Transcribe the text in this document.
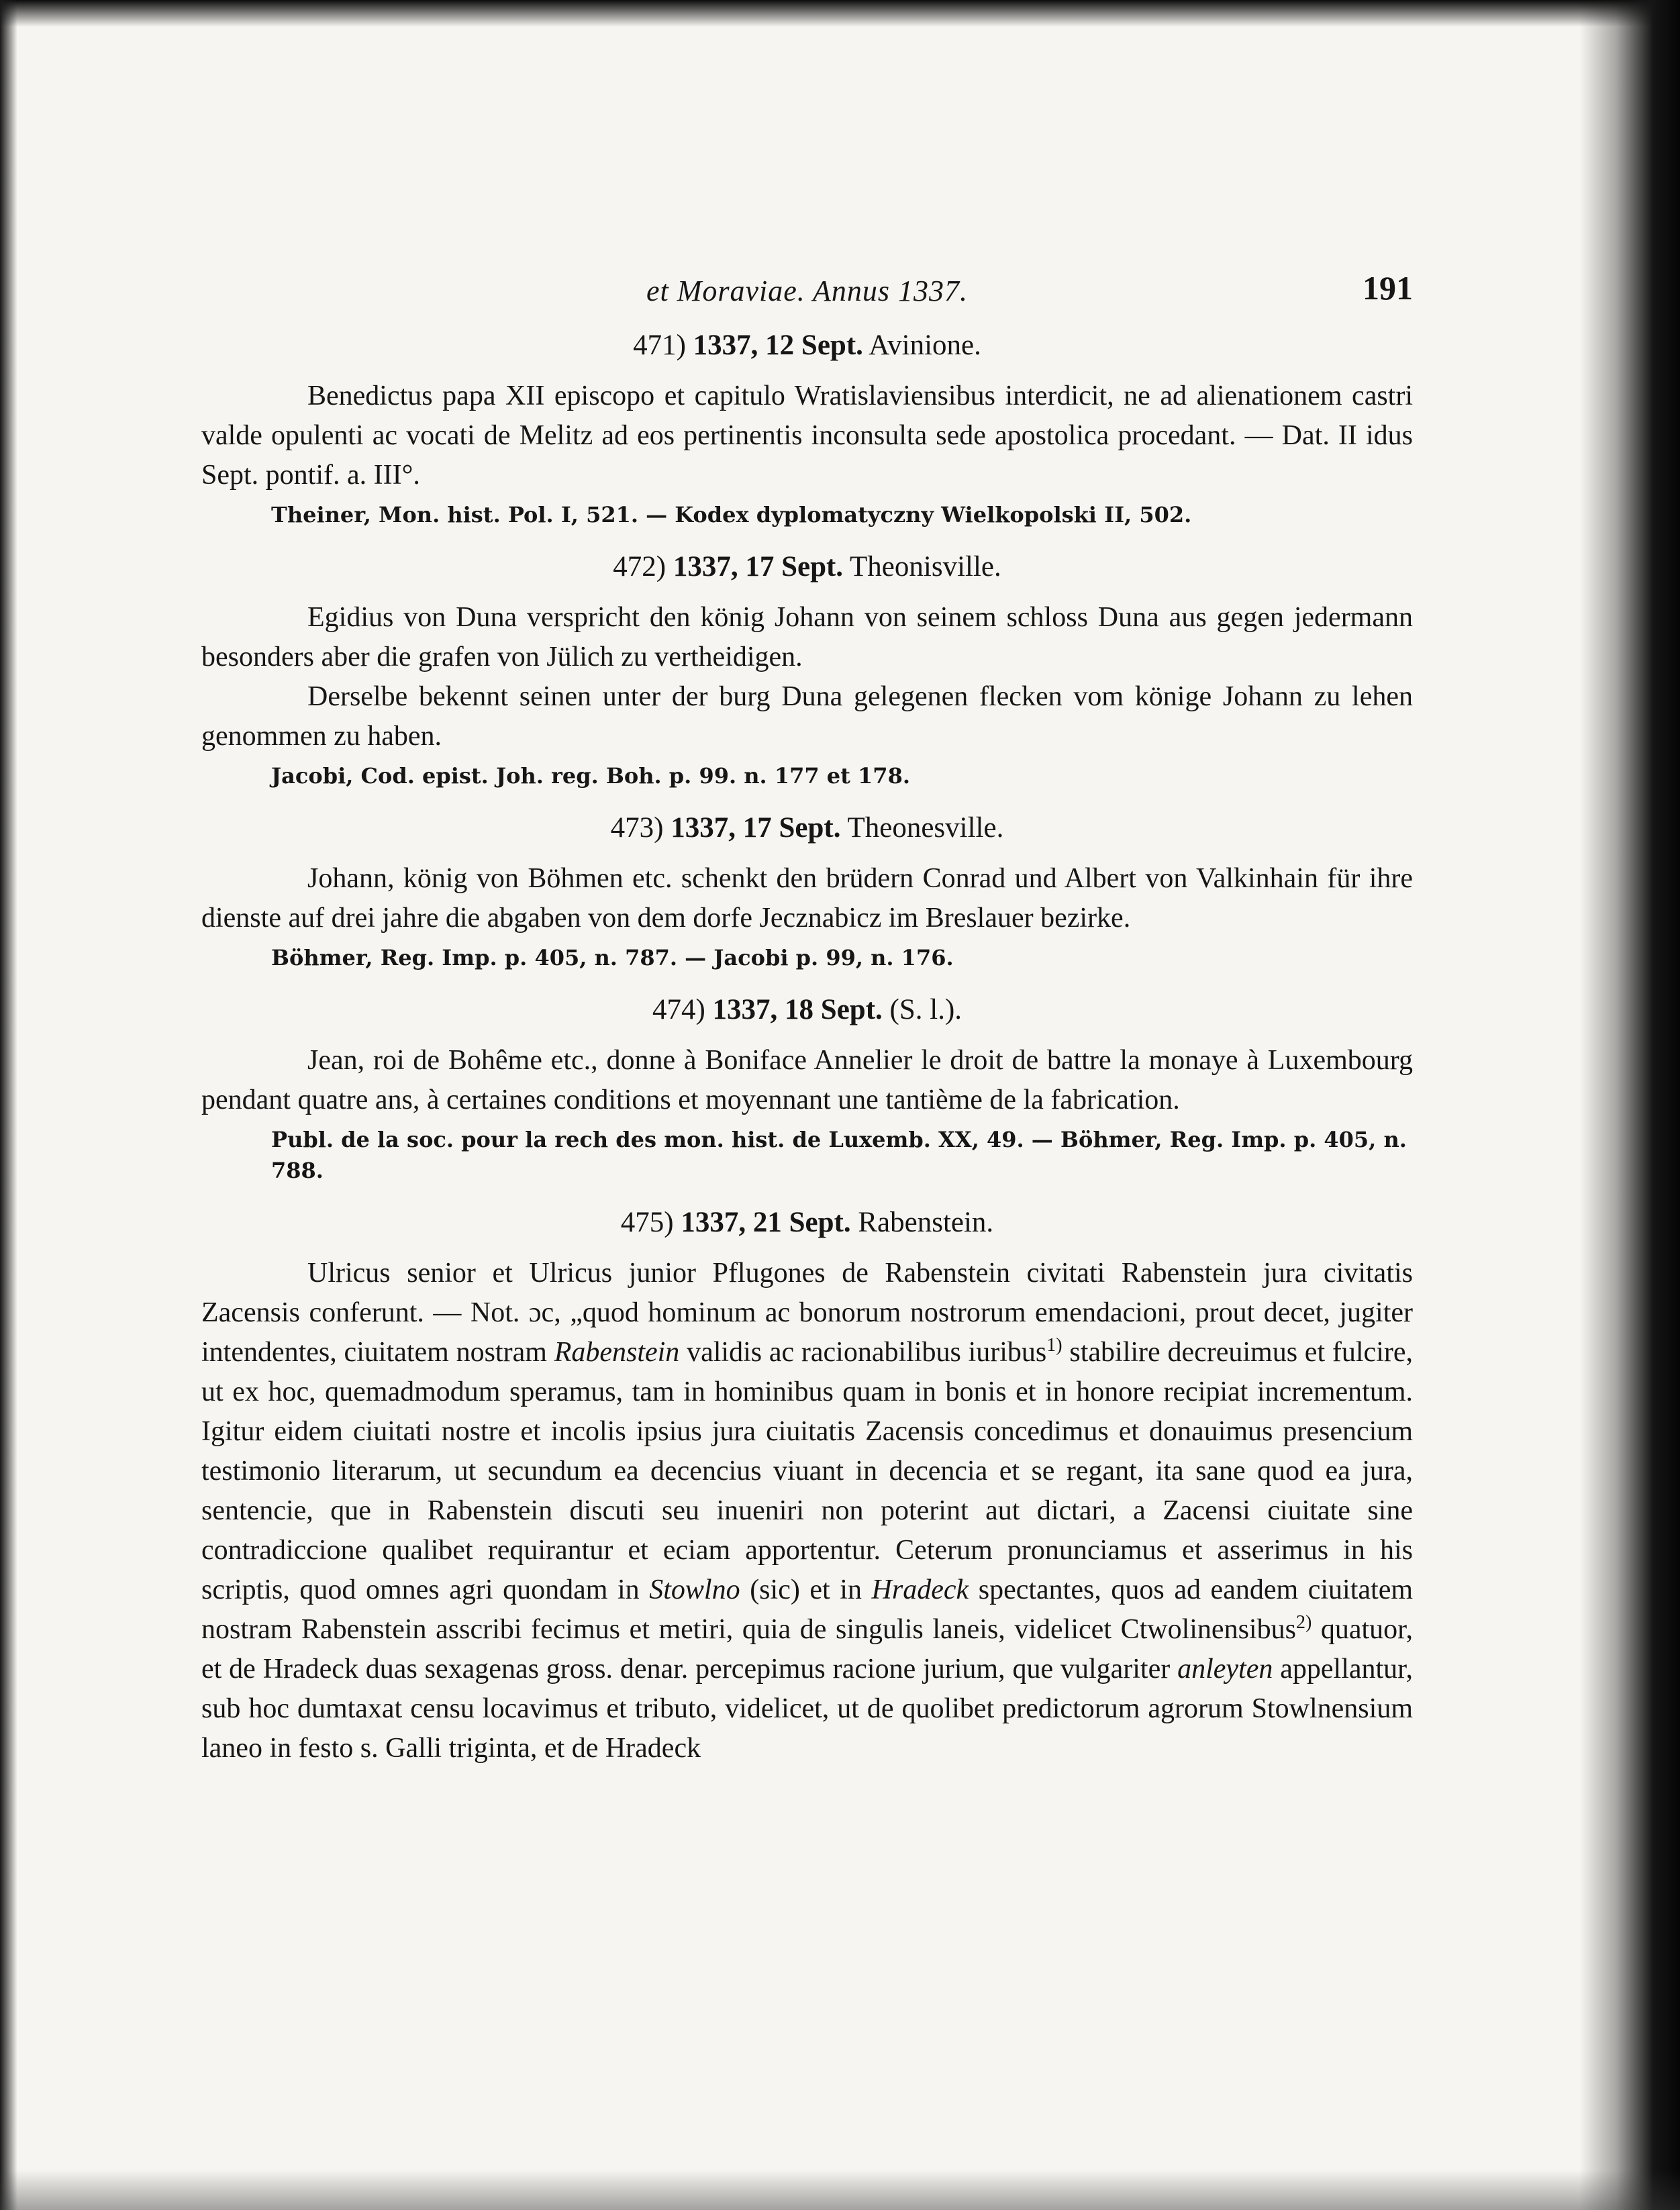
et Moraviae. Annus 1337.	191
471) 1337, 12 Sept. Avinione.

Benedictus papa XII episcopo et capitulo Wratislaviensibus interdicit, ne ad alienationem castri valde opulenti ac vocati de Melitz ad eos pertinentis inconsulta sede apostolica procedant. — Dat. II idus Sept. pontif. a. III°.

Theiner, Mon. hist. Pol. I, 521. — Kodex dyplomatyczny Wielkopolski II, 502.

472) 1337, 17 Sept. Theonisville.

Egidius von Duna verspricht den könig Johann von seinem schloss Duna aus gegen jedermann besonders aber die grafen von Jülich zu vertheidigen.

Derselbe bekennt seinen unter der burg Duna gelegenen flecken vom könige Johann zu lehen genommen zu haben.

Jacobi, Cod. epist. Joh. reg. Boh. p. 99. n. 177 et 178.

473) 1337, 17 Sept. Theonesville.

Johann, könig von Böhmen etc. schenkt den brüdern Conrad und Albert von Valkinhain für ihre dienste auf drei jahre die abgaben von dem dorfe Jecznabicz im Breslauer bezirke.

Böhmer, Reg. Imp. p. 405, n. 787. — Jacobi p. 99, n. 176.

474) 1337, 18 Sept. (S. l.).

Jean, roi de Bohême etc., donne à Boniface Annelier le droit de battre la monaye à Luxembourg pendant quatre ans, à certaines conditions et moyennant une tantième de la fabrication.

Publ. de la soc. pour la rech des mon. hist. de Luxemb. XX, 49. — Böhmer, Reg. Imp. p. 405, n. 788.

475) 1337, 21 Sept. Rabenstein.

Ulricus senior et Ulricus junior Pflugones de Rabenstein civitati Rabenstein jura civitatis Zacensis conferunt. — Not. ɔc, „quod hominum ac bonorum nostrorum emendacioni, prout decet, jugiter intendentes, ciuitatem nostram Rabenstein validis ac racionabilibus iuribus$^{1)}$ stabilire decreuimus et fulcire, ut ex hoc, quemadmodum speramus, tam in hominibus quam in bonis et in honore recipiat incrementum. Igitur eidem ciuitati nostre et incolis ipsius jura ciuitatis Zacensis concedimus et donauimus presencium testimonio literarum, ut secundum ea decencius viuant in decencia et se regant, ita sane quod ea jura, sentencie, que in Rabenstein discuti seu inueniri non poterint aut dictari, a Zacensi ciuitate sine contradiccione qualibet requirantur et eciam apportentur. Ceterum pronunciamus et asserimus in his scriptis, quod omnes agri quondam in Stowlno (sic) et in Hradeck spectantes, quos ad eandem ciuitatem nostram Rabenstein asscribi fecimus et metiri, quia de singulis laneis, videlicet Ctwolinensibus$^{2)}$ quatuor, et de Hradeck duas sexagenas gross. denar. percepimus racione jurium, que vulgariter anleyten appellantur, sub hoc dumtaxat censu locavimus et tributo, videlicet, ut de quolibet predictorum agrorum Stowlnensium laneo in festo s. Galli triginta, et de Hradeck
